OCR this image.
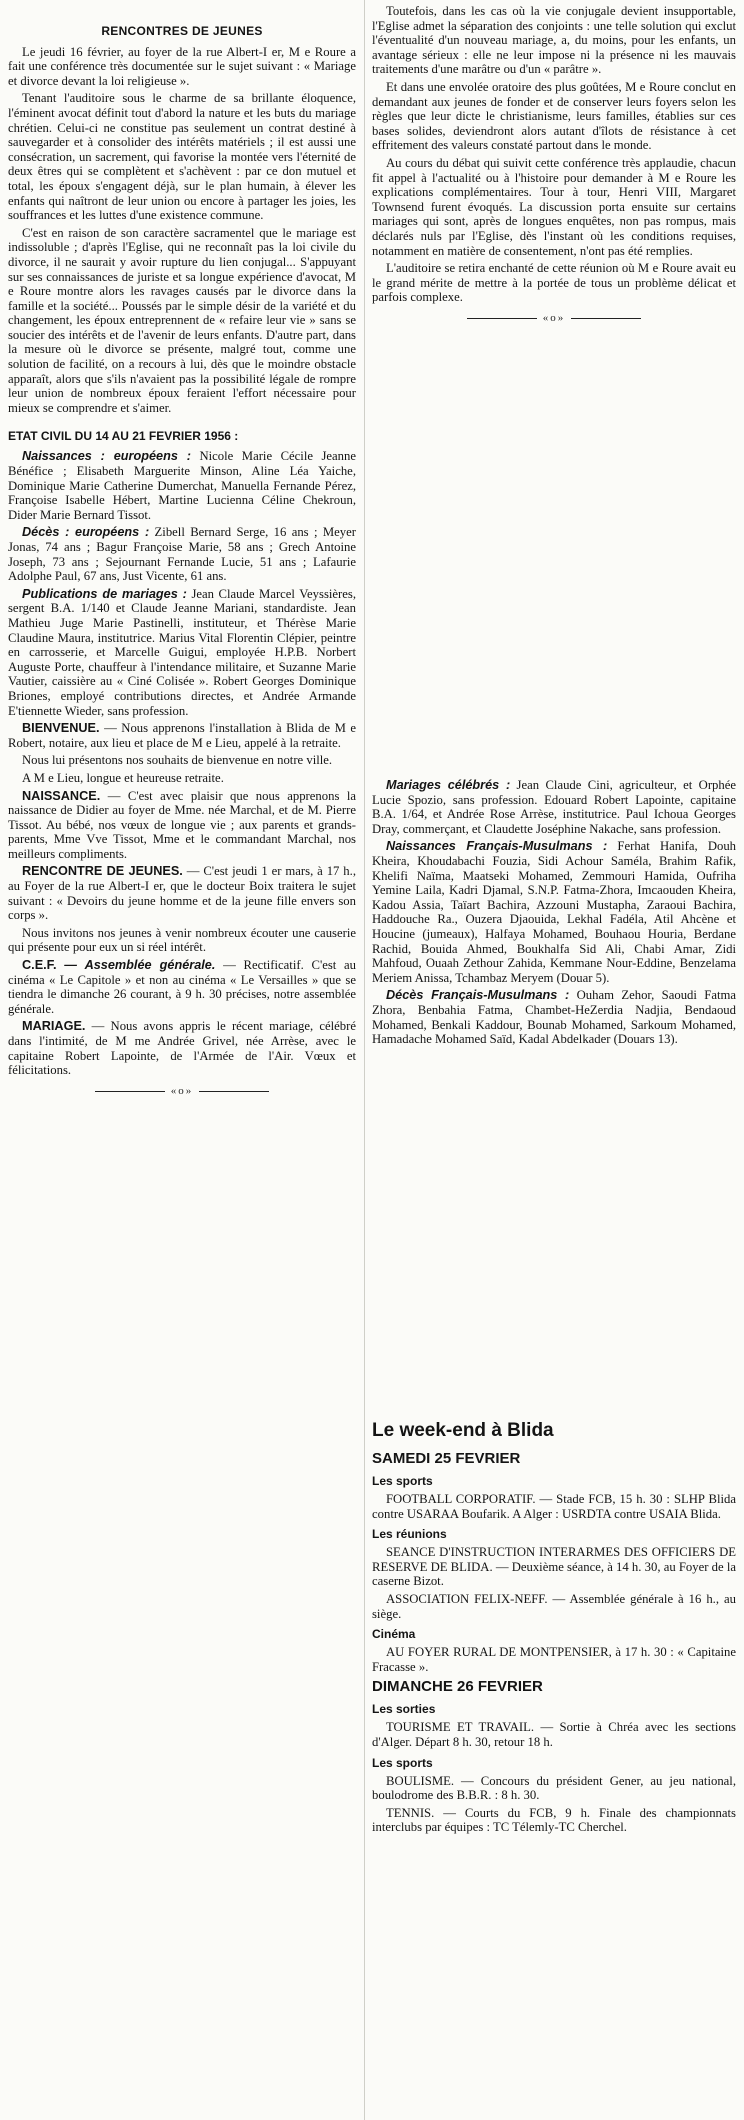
RENCONTRES DE JEUNES

Le jeudi 16 février, au foyer de la rue Albert-I er, M e Roure a fait une conférence très documentée sur le sujet suivant : « Mariage et divorce devant la loi religieuse ».

Tenant l'auditoire sous le charme de sa brillante éloquence, l'éminent avocat définit tout d'abord la nature et les buts du mariage chrétien. Celui-ci ne constitue pas seulement un contrat destiné à sauvegarder et à consolider des intérêts matériels ; il est aussi une consécration, un sacrement, qui favorise la montée vers l'éternité de deux êtres qui se complètent et s'achèvent : par ce don mutuel et total, les époux s'engagent déjà, sur le plan humain, à élever les enfants qui naîtront de leur union ou encore à partager les joies, les souffrances et les luttes d'une existence commune.

C'est en raison de son caractère sacramentel que le mariage est indissoluble ; d'après l'Eglise, qui ne reconnaît pas la loi civile du divorce, il ne saurait y avoir rupture du lien conjugal... S'appuyant sur ses connaissances de juriste et sa longue expérience d'avocat, M e Roure montre alors les ravages causés par le divorce dans la famille et la société... Poussés par le simple désir de la variété et du changement, les époux entreprennent de « refaire leur vie » sans se soucier des intérêts et de l'avenir de leurs enfants. D'autre part, dans la mesure où le divorce se présente, malgré tout, comme une solution de facilité, on a recours à lui, dès que le moindre obstacle apparaît, alors que s'ils n'avaient pas la possibilité légale de rompre leur union de nombreux époux feraient l'effort nécessaire pour mieux se comprendre et s'aimer.

ETAT CIVIL DU 14 AU 21 FEVRIER 1956 :

Naissances : européens : Nicole Marie Cécile Jeanne Bénéfice ; Elisabeth Marguerite Minson, Aline Léa Yaiche, Dominique Marie Catherine Dumerchat, Manuella Fernande Pérez, Françoise Isabelle Hébert, Martine Lucienna Céline Chekroun, Dider Marie Bernard Tissot.

Décès : européens : Zibell Bernard Serge, 16 ans ; Meyer Jonas, 74 ans ; Bagur Françoise Marie, 58 ans ; Grech Antoine Joseph, 73 ans ; Sejournant Fernande Lucie, 51 ans ; Lafaurie Adolphe Paul, 67 ans, Just Vicente, 61 ans.

Publications de mariages : Jean Claude Marcel Veyssières, sergent B.A. 1/140 et Claude Jeanne Mariani, standardiste. Jean Mathieu Juge Marie Pastinelli, instituteur, et Thérèse Marie Claudine Maura, institutrice. Marius Vital Florentin Clépier, peintre en carrosserie, et Marcelle Guigui, employée H.P.B. Norbert Auguste Porte, chauffeur à l'intendance militaire, et Suzanne Marie Vautier, caissière au « Ciné Colisée ». Robert Georges Dominique Briones, employé contributions directes, et Andrée Armande E'tiennette Wieder, sans profession.

BIENVENUE. — Nous apprenons l'installation à Blida de M e Robert, notaire, aux lieu et place de M e Lieu, appelé à la retraite.

Nous lui présentons nos souhaits de bienvenue en notre ville.

A M e Lieu, longue et heureuse retraite.

NAISSANCE. — C'est avec plaisir que nous apprenons la naissance de Didier au foyer de Mme. née Marchal, et de M. Pierre Tissot. Au bébé, nos vœux de longue vie ; aux parents et grands-parents, Mme Vve Tissot, Mme et le commandant Marchal, nos meilleurs compliments.

RENCONTRE DE JEUNES. — C'est jeudi 1 er mars, à 17 h., au Foyer de la rue Albert-I er, que le docteur Boix traitera le sujet suivant : « Devoirs du jeune homme et de la jeune fille envers son corps ».

Nous invitons nos jeunes à venir nombreux écouter une causerie qui présente pour eux un si réel intérêt.

C.E.F. — Assemblée générale. — Rectificatif. C'est au cinéma « Le Capitole » et non au cinéma « Le Versailles » que se tiendra le dimanche 26 courant, à 9 h. 30 précises, notre assemblée générale.

MARIAGE. — Nous avons appris le récent mariage, célébré dans l'intimité, de M me Andrée Grivel, née Arrèse, avec le capitaine Robert Lapointe, de l'Armée de l'Air. Vœux et félicitations.

«o»

Toutefois, dans les cas où la vie conjugale devient insupportable, l'Eglise admet la séparation des conjoints : une telle solution qui exclut l'éventualité d'un nouveau mariage, a, du moins, pour les enfants, un avantage sérieux : elle ne leur impose ni la présence ni les mauvais traitements d'une marâtre ou d'un « parâtre ».

Et dans une envolée oratoire des plus goûtées, M e Roure conclut en demandant aux jeunes de fonder et de conserver leurs foyers selon les règles que leur dicte le christianisme, leurs familles, établies sur ces bases solides, deviendront alors autant d'îlots de résistance à cet effritement des valeurs constaté partout dans le monde.

Au cours du débat qui suivit cette conférence très applaudie, chacun fit appel à l'actualité ou à l'histoire pour demander à M e Roure les explications complémentaires. Tour à tour, Henri VIII, Margaret Townsend furent évoqués. La discussion porta ensuite sur certains mariages qui sont, après de longues enquêtes, non pas rompus, mais déclarés nuls par l'Eglise, dès l'instant où les conditions requises, notamment en matière de consentement, n'ont pas été remplies.

L'auditoire se retira enchanté de cette réunion où M e Roure avait eu le grand mérite de mettre à la portée de tous un problème délicat et parfois complexe.

«o»

Mariages célébrés : Jean Claude Cini, agriculteur, et Orphée Lucie Spozio, sans profession. Edouard Robert Lapointe, capitaine B.A. 1/64, et Andrée Rose Arrèse, institutrice. Paul Ichoua Georges Dray, commerçant, et Claudette Joséphine Nakache, sans profession.

Naissances Français-Musulmans : Ferhat Hanifa, Douh Kheira, Khoudabachi Fouzia, Sidi Achour Saméla, Brahim Rafik, Khelifi Naïma, Maatseki Mohamed, Zemmouri Hamida, Oufriha Yemine Laila, Kadri Djamal, S.N.P. Fatma-Zhora, Imcaouden Kheira, Kadou Assia, Taïart Bachira, Azzouni Mustapha, Zaraoui Bachira, Haddouche Ra., Ouzera Djaouida, Lekhal Fadéla, Atil Ahcène et Houcine (jumeaux), Halfaya Mohamed, Bouhaou Houria, Berdane Rachid, Bouida Ahmed, Boukhalfa Sid Ali, Chabi Amar, Zidi Mahfoud, Ouaah Zethour Zahida, Kemmane Nour-Eddine, Benzelama Meriem Anissa, Tchambaz Meryem (Douar 5).

Décès Français-Musulmans : Ouham Zehor, Saoudi Fatma Zhora, Benbahia Fatma, Chambet-HeZerdia Nadjia, Bendaoud Mohamed, Benkali Kaddour, Bounab Mohamed, Sarkoum Mohamed, Hamadache Mohamed Saïd, Kadal Abdelkader (Douars 13).

Le week-end à Blida
SAMEDI 25 FEVRIER
Les sports

FOOTBALL CORPORATIF. — Stade FCB, 15 h. 30 : SLHP Blida contre USARAA Boufarik. A Alger : USRDTA contre USAIA Blida.

Les réunions

SEANCE D'INSTRUCTION INTERARMES DES OFFICIERS DE RESERVE DE BLIDA. — Deuxième séance, à 14 h. 30, au Foyer de la caserne Bizot.

ASSOCIATION FELIX-NEFF. — Assemblée générale à 16 h., au siège.

Cinéma

AU FOYER RURAL DE MONTPENSIER, à 17 h. 30 : « Capitaine Fracasse ».

DIMANCHE 26 FEVRIER
Les sorties

TOURISME ET TRAVAIL. — Sortie à Chréa avec les sections d'Alger. Départ 8 h. 30, retour 18 h.

Les sports

BOULISME. — Concours du président Gener, au jeu national, boulodrome des B.B.R. : 8 h. 30.

TENNIS. — Courts du FCB, 9 h. Finale des championnats interclubs par équipes : TC Télemly-TC Cherchel.
